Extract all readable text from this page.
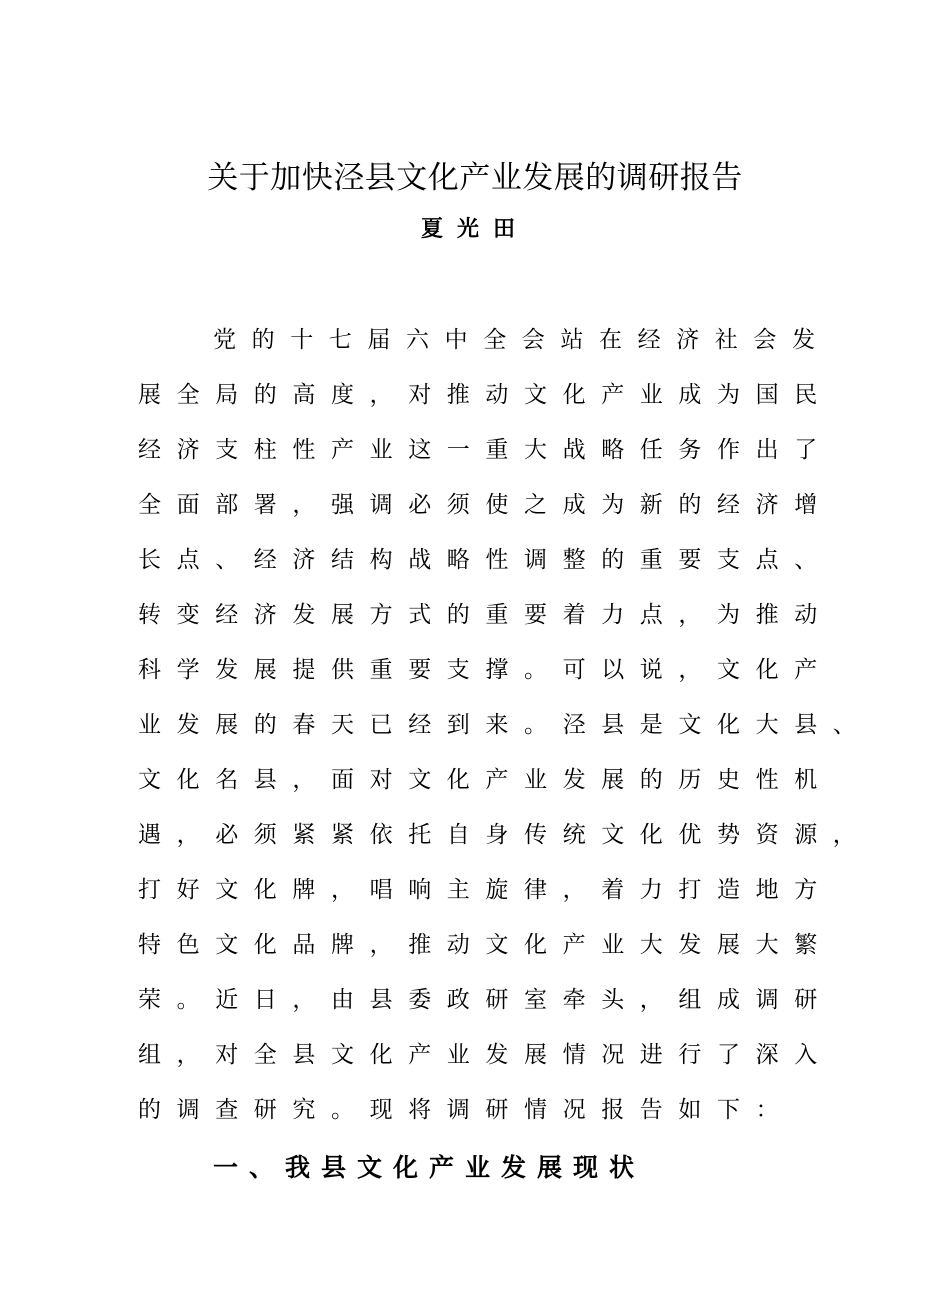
关于加快泾县文化产业发展的调研报告
夏光田
党的十七届六中全会站在经济社会发
展全局的高度，对推动文化产业成为国民
经济支柱性产业这一重大战略任务作出了
全面部署，强调必须使之成为新的经济增
长点、经济结构战略性调整的重要支点、
转变经济发展方式的重要着力点，为推动
科学发展提供重要支撑。可以说，文化产
业发展的春天已经到来。泾县是文化大县、
文化名县，面对文化产业发展的历史性机
遇，必须紧紧依托自身传统文化优势资源，
打好文化牌，唱响主旋律，着力打造地方
特色文化品牌，推动文化产业大发展大繁
荣。近日，由县委政研室牵头，组成调研
组，对全县文化产业发展情况进行了深入
的调查研究。现将调研情况报告如下：
一、我县文化产业发展现状
